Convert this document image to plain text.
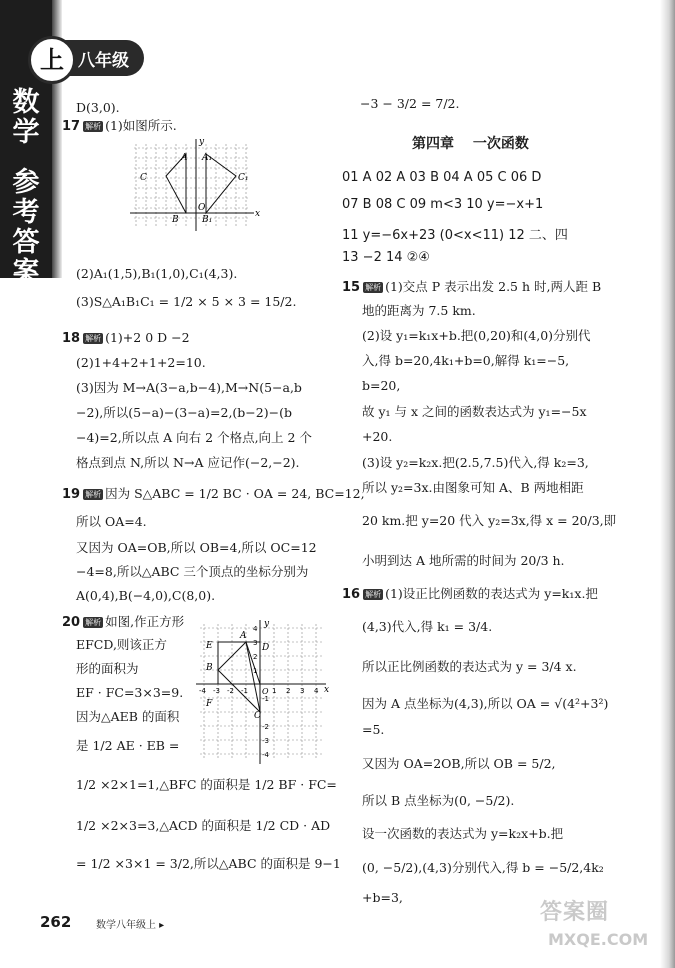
数学
参考答案
上 八年级
D(3,0).
17 解析 (1)如图所示.
y
A A₁
C	C₁
B
O
B₁
x
(2)A₁(1,5),B₁(1,0),C₁(4,3).
(3)S△A₁B₁C₁ = 1/2 × 5 × 3 = 15/2.
18 解析 (1)+2 0 D −2
(2)1+4+2+1+2=10.
(3)因为 M→A(3−a,b−4),M→N(5−a,b
−2),所以(5−a)−(3−a)=2,(b−2)−(b
−4)=2,所以点 A 向右 2 个格点,向上 2 个
格点到点 N,所以 N→A 应记作(−2,−2).
19 解析 因为 S△ABC = 1/2 BC · OA = 24, BC=12,
所以 OA=4.
又因为 OA=OB,所以 OB=4,所以 OC=12
−4=8,所以△ABC 三个顶点的坐标分别为
A(0,4),B(−4,0),C(8,0).
20 解析 如图,作正方形
EFCD,则该正方
形的面积为
EF · FC=3×3=9.
因为△AEB 的面积
是 1/2 AE · EB =
1/2 ×2×1=1,△BFC 的面积是 1/2 BF · FC=
1/2 ×2×3=3,△ACD 的面积是 1/2 CD · AD
= 1/2 ×3×1 = 3/2,所以△ABC 的面积是 9−1
y
E
A
D
B
F
C
O	x
-4 -3 -2 -1	1 2 3 4
4
3
2
1
-1
-2
-3
-4
−3 − 3/2 = 7/2.
第四章 一次函数
01 A 02 A 03 B 04 A 05 C 06 D
07 B 08 C 09 m<3 10 y=−x+1
11 y=−6x+23 (0<x<11) 12 二、四
13 −2 14 ②④
15 解析 (1)交点 P 表示出发 2.5 h 时,两人距 B
地的距离为 7.5 km.
(2)设 y₁=k₁x+b.把(0,20)和(4,0)分别代
入,得 b=20,4k₁+b=0,解得 k₁=−5,
b=20,
故 y₁ 与 x 之间的函数表达式为 y₁=−5x
+20.
(3)设 y₂=k₂x.把(2.5,7.5)代入,得 k₂=3,
所以 y₂=3x.由图象可知 A、B 两地相距
20 km.把 y=20 代入 y₂=3x,得 x = 20/3,即
小明到达 A 地所需的时间为 20/3 h.
16 解析 (1)设正比例函数的表达式为 y=k₁x.把
(4,3)代入,得 k₁ = 3/4.
所以正比例函数的表达式为 y = 3/4 x.
因为 A 点坐标为(4,3),所以 OA = √(4²+3²)
=5.
又因为 OA=2OB,所以 OB = 5/2,
所以 B 点坐标为(0, −5/2).
设一次函数的表达式为 y=k₂x+b.把
(0, −5/2),(4,3)分别代入,得 b = −5/2,4k₂
+b=3,
262 数学八年级上 ▸
答案圈
MXQE.COM
